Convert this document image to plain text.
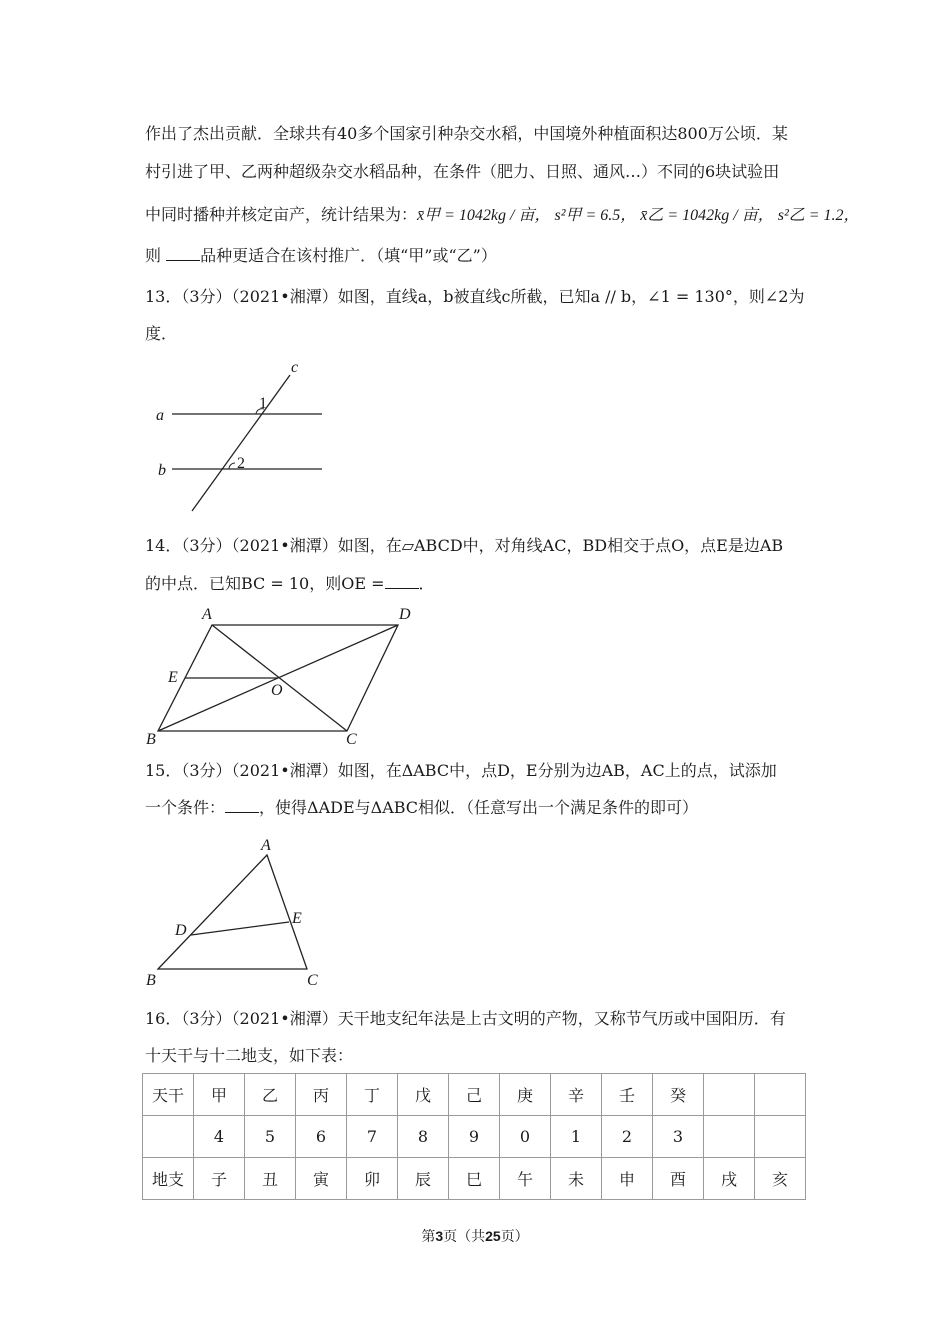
作出了杰出贡献．全球共有40多个国家引种杂交水稻，中国境外种植面积达800万公顷．某
村引进了甲、乙两种超级杂交水稻品种，在条件（肥力、日照、通风…）不同的6块试验田
中同时播种并核定亩产，统计结果为：x̄甲 = 1042kg / 亩， s²甲 = 6.5， x̄乙 = 1042kg / 亩， s²乙 = 1.2，
则 品种更适合在该村推广．（填“甲”或“乙”）
13．（3分）（2021•湘潭）如图，直线a，b被直线c所截，已知a // b，∠1 = 130°，则∠2为
度．
c
a
b
1
2
14．（3分）（2021•湘潭）如图，在▱ABCD中，对角线AC，BD相交于点O，点E是边AB
的中点．已知BC = 10，则OE = ．
A	D
E
O
B	C
15．（3分）（2021•湘潭）如图，在ΔABC中，点D，E分别为边AB，AC上的点，试添加
一个条件： ，使得ΔADE与ΔABC相似．（任意写出一个满足条件的即可）
A
D
E
B	C
16．（3分）（2021•湘潭）天干地支纪年法是上古文明的产物，又称节气历或中国阳历．有
十天干与十二地支，如下表：
天干	甲	乙	丙	丁	戊	己	庚	辛	壬	癸		
	4	5	6	7	8	9	0	1	2	3		
地支	子	丑	寅	卯	辰	巳	午	未	申	酉	戌	亥
第3页（共25页）
